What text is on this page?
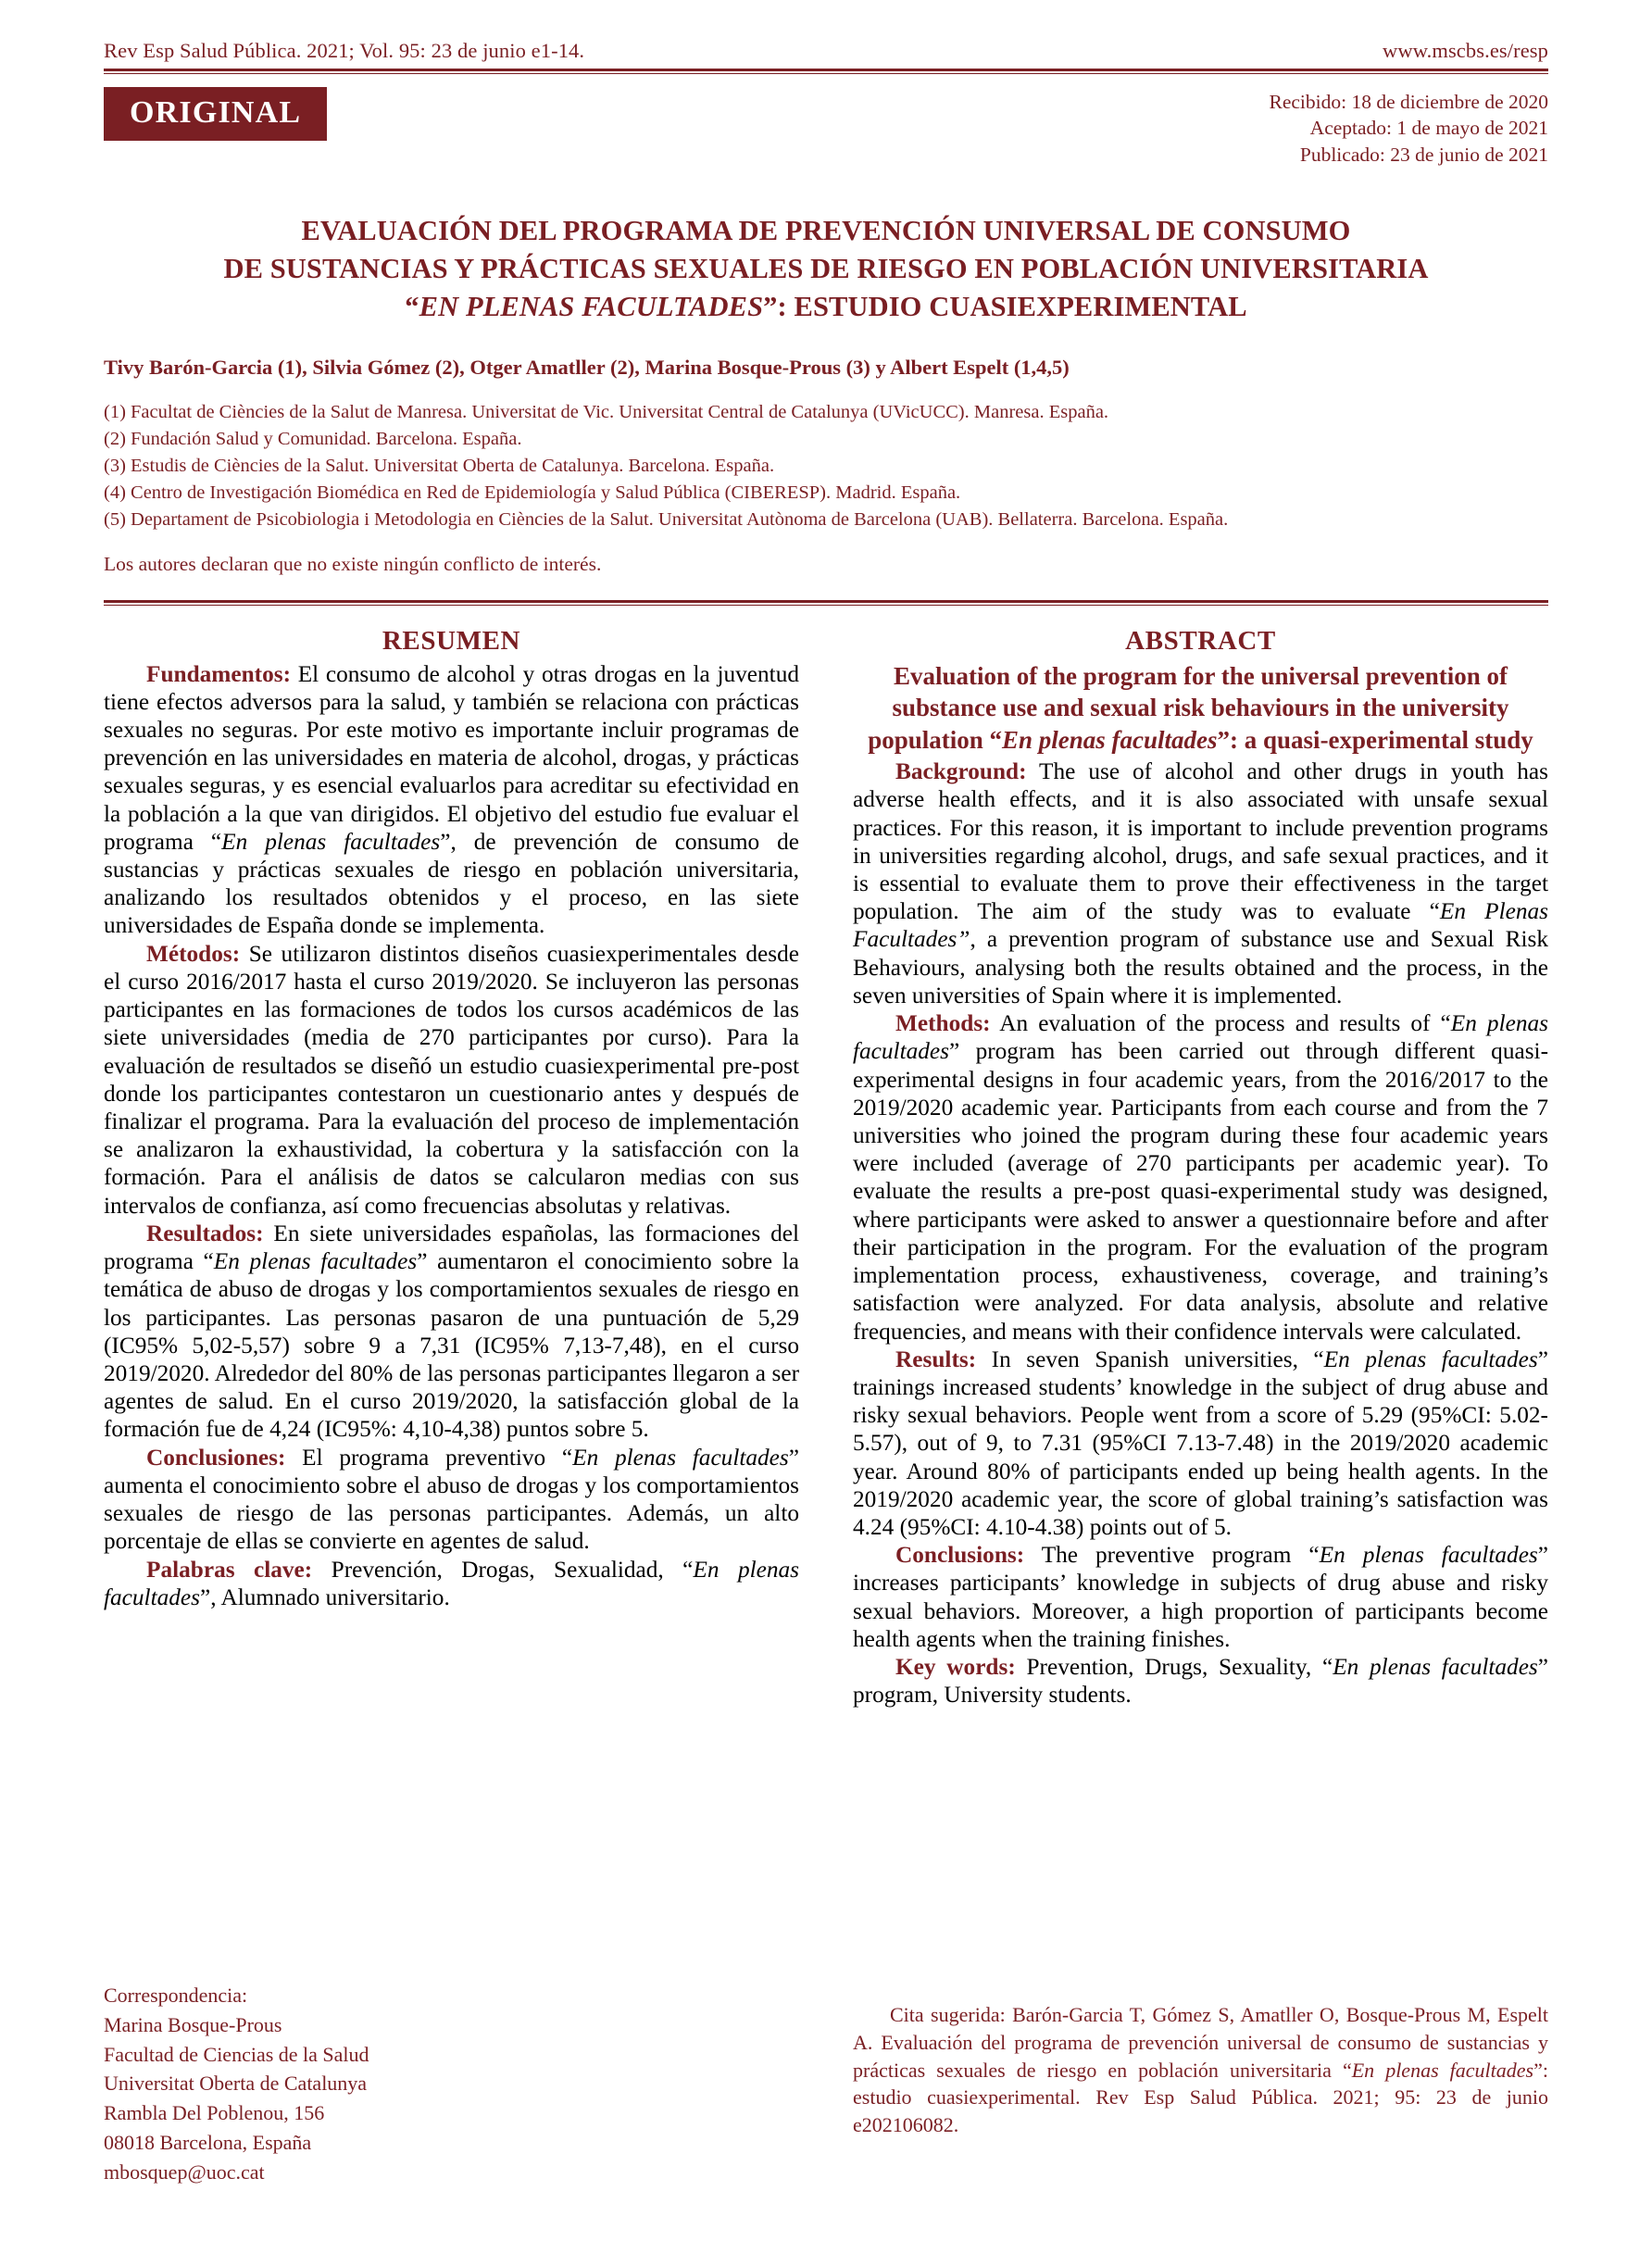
Rev Esp Salud Pública. 2021; Vol. 95: 23 de junio e1-14.	www.mscbs.es/resp
ORIGINAL	Recibido: 18 de diciembre de 2020
Aceptado: 1 de mayo de 2021
Publicado: 23 de junio de 2021
EVALUACIÓN DEL PROGRAMA DE PREVENCIÓN UNIVERSAL DE CONSUMO
DE SUSTANCIAS Y PRÁCTICAS SEXUALES DE RIESGO EN POBLACIÓN UNIVERSITARIA
“EN PLENAS FACULTADES”: ESTUDIO CUASIEXPERIMENTAL
Tivy Barón-Garcia (1), Silvia Gómez (2), Otger Amatller (2), Marina Bosque-Prous (3) y Albert Espelt (1,4,5)
(1) Facultat de Ciències de la Salut de Manresa. Universitat de Vic. Universitat Central de Catalunya (UVicUCC). Manresa. España.
(2) Fundación Salud y Comunidad. Barcelona. España.
(3) Estudis de Ciències de la Salut. Universitat Oberta de Catalunya. Barcelona. España.
(4) Centro de Investigación Biomédica en Red de Epidemiología y Salud Pública (CIBERESP). Madrid. España.
(5) Departament de Psicobiologia i Metodologia en Ciències de la Salut. Universitat Autònoma de Barcelona (UAB). Bellaterra. Barcelona. España.
Los autores declaran que no existe ningún conflicto de interés.
RESUMEN

Fundamentos: El consumo de alcohol y otras drogas en la juventud tiene efectos adversos para la salud, y también se relaciona con prácticas sexuales no seguras. Por este motivo es importante incluir programas de prevención en las universidades en materia de alcohol, drogas, y prácticas sexuales seguras, y es esencial evaluarlos para acreditar su efectividad en la población a la que van dirigidos. El objetivo del estudio fue evaluar el programa “En plenas facultades”, de prevención de consumo de sustancias y prácticas sexuales de riesgo en población universitaria, analizando los resultados obtenidos y el proceso, en las siete universidades de España donde se implementa.

Métodos: Se utilizaron distintos diseños cuasiexperimentales desde el curso 2016/2017 hasta el curso 2019/2020. Se incluyeron las personas participantes en las formaciones de todos los cursos académicos de las siete universidades (media de 270 participantes por curso). Para la evaluación de resultados se diseñó un estudio cuasiexperimental pre-post donde los participantes contestaron un cuestionario antes y después de finalizar el programa. Para la evaluación del proceso de implementación se analizaron la exhaustividad, la cobertura y la satisfacción con la formación. Para el análisis de datos se calcularon medias con sus intervalos de confianza, así como frecuencias absolutas y relativas.

Resultados: En siete universidades españolas, las formaciones del programa “En plenas facultades” aumentaron el conocimiento sobre la temática de abuso de drogas y los comportamientos sexuales de riesgo en los participantes. Las personas pasaron de una puntuación de 5,29 (IC95% 5,02-5,57) sobre 9 a 7,31 (IC95% 7,13-7,48), en el curso 2019/2020. Alrededor del 80% de las personas participantes llegaron a ser agentes de salud. En el curso 2019/2020, la satisfacción global de la formación fue de 4,24 (IC95%: 4,10-4,38) puntos sobre 5.

Conclusiones: El programa preventivo “En plenas facultades” aumenta el conocimiento sobre el abuso de drogas y los comportamientos sexuales de riesgo de las personas participantes. Además, un alto porcentaje de ellas se convierte en agentes de salud.

Palabras clave: Prevención, Drogas, Sexualidad, “En plenas facultades”, Alumnado universitario.

ABSTRACT
Evaluation of the program for the universal prevention of substance use and sexual risk behaviours in the university population “En plenas facultades”: a quasi-experimental study

Background: The use of alcohol and other drugs in youth has adverse health effects, and it is also associated with unsafe sexual practices. For this reason, it is important to include prevention programs in universities regarding alcohol, drugs, and safe sexual practices, and it is essential to evaluate them to prove their effectiveness in the target population. The aim of the study was to evaluate “En Plenas Facultades”, a prevention program of substance use and Sexual Risk Behaviours, analysing both the results obtained and the process, in the seven universities of Spain where it is implemented.

Methods: An evaluation of the process and results of “En plenas facultades” program has been carried out through different quasi-experimental designs in four academic years, from the 2016/2017 to the 2019/2020 academic year. Participants from each course and from the 7 universities who joined the program during these four academic years were included (average of 270 participants per academic year). To evaluate the results a pre-post quasi-experimental study was designed, where participants were asked to answer a questionnaire before and after their participation in the program. For the evaluation of the program implementation process, exhaustiveness, coverage, and training’s satisfaction were analyzed. For data analysis, absolute and relative frequencies, and means with their confidence intervals were calculated.

Results: In seven Spanish universities, “En plenas facultades” trainings increased students’ knowledge in the subject of drug abuse and risky sexual behaviors. People went from a score of 5.29 (95%CI: 5.02-5.57), out of 9, to 7.31 (95%CI 7.13-7.48) in the 2019/2020 academic year. Around 80% of participants ended up being health agents. In the 2019/2020 academic year, the score of global training’s satisfaction was 4.24 (95%CI: 4.10-4.38) points out of 5.

Conclusions: The preventive program “En plenas facultades” increases participants’ knowledge in subjects of drug abuse and risky sexual behaviors. Moreover, a high proportion of participants become health agents when the training finishes.

Key words: Prevention, Drugs, Sexuality, “En plenas facultades” program, University students.

Correspondencia:
Marina Bosque-Prous
Facultad de Ciencias de la Salud
Universitat Oberta de Catalunya
Rambla Del Poblenou, 156
08018 Barcelona, España
mbosquep@uoc.cat

Cita sugerida: Barón-Garcia T, Gómez S, Amatller O, Bosque-Prous M, Espelt A. Evaluación del programa de prevención universal de consumo de sustancias y prácticas sexuales de riesgo en población universitaria “En plenas facultades”: estudio cuasiexperimental. Rev Esp Salud Pública. 2021; 95: 23 de junio e202106082.
